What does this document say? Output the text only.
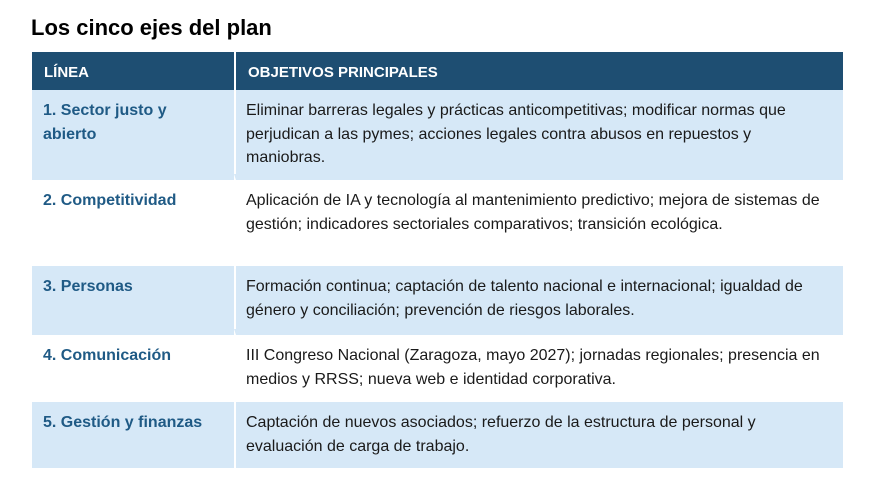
Los cinco ejes del plan
LÍNEA	OBJETIVOS PRINCIPALES
1. Sector justo y abierto	Eliminar barreras legales y prácticas anticompetitivas; modificar normas que perjudican a las pymes; acciones legales contra abusos en repuestos y maniobras.
2. Competitividad	Aplicación de IA y tecnología al mantenimiento predictivo; mejora de sistemas de gestión; indicadores sectoriales comparativos; transición ecológica.
3. Personas	Formación continua; captación de talento nacional e internacional; igualdad de género y conciliación; prevención de riesgos laborales.
4. Comunicación	III Congreso Nacional (Zaragoza, mayo 2027); jornadas regionales; presencia en medios y RRSS; nueva web e identidad corporativa.
5. Gestión y finanzas	Captación de nuevos asociados; refuerzo de la estructura de personal y evaluación de carga de trabajo.
